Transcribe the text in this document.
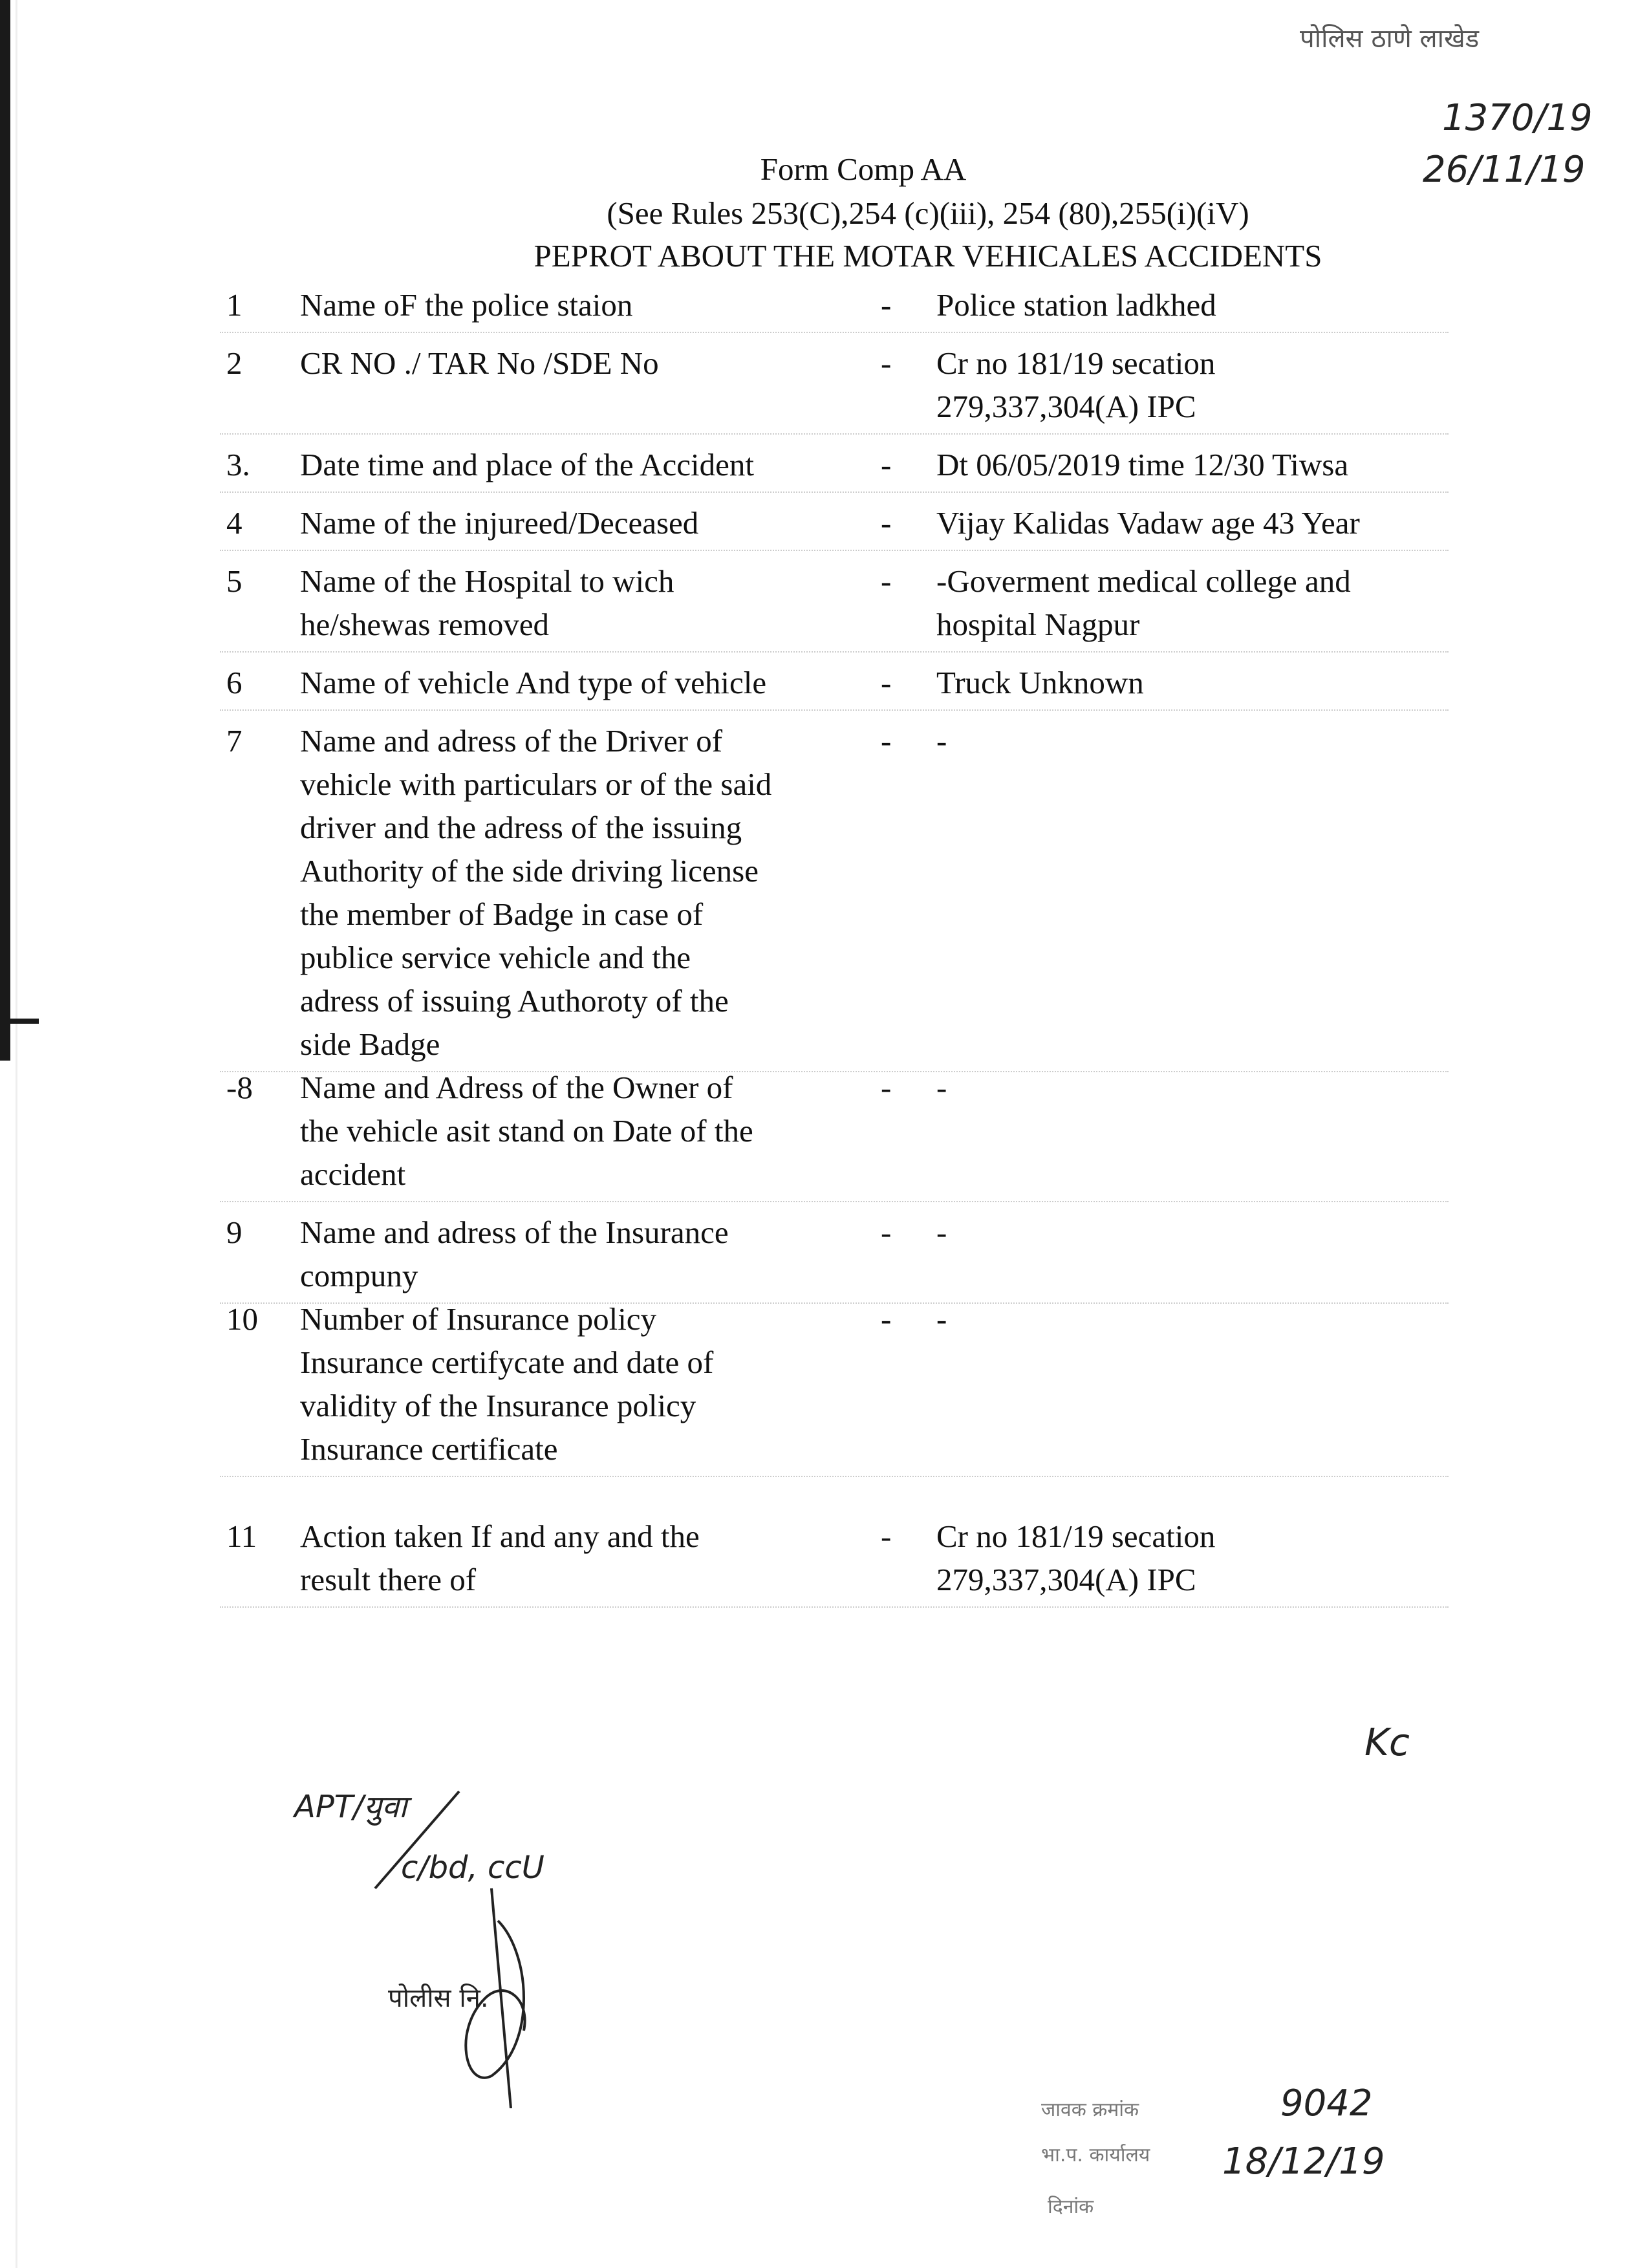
पोलिस ठाणे लाखेड
1370/19
26/11/19
Form Comp AA
(See Rules 253(C),254 (c)(iii), 254 (80),255(i)(iV)
PEPROT ABOUT THE MOTAR VEHICALES ACCIDENTS
1	Name oF the police staion	- Police station ladkhed
2	CR NO ./ TAR No /SDE No	- Cr no 181/19 secation
279,337,304(A) IPC
3.	Date time and place of the Accident	- Dt 06/05/2019 time 12/30 Tiwsa
4	Name of the injureed/Deceased	- Vijay Kalidas Vadaw age 43 Year
5	Name of the Hospital to wich
he/shewas removed
- -Goverment medical college and
hospital Nagpur
6	Name of vehicle And type of vehicle	- Truck Unknown
7	Name and adress of the Driver of
vehicle with particulars or of the said
driver and the adress of the issuing
Authority of the side driving license
the member of Badge in case of
publice service vehicle and the
adress of issuing Authoroty of the
side Badge
- -
-8	Name and Adress of the Owner of
the vehicle asit stand on Date of the
accident
- -
9	Name and adress of the Insurance
compuny
- -
10	Number of Insurance policy
Insurance certifycate and date of
validity of the Insurance policy
Insurance certificate
- -
11	Action taken If and any and the
result there of
- Cr no 181/19 secation
279,337,304(A) IPC
Kc
APT/युवा
c/bd, ccU
पोलीस नि.
जावक क्रमांक	9042
भा.प. कार्यालय 18/12/19
दिनांक
